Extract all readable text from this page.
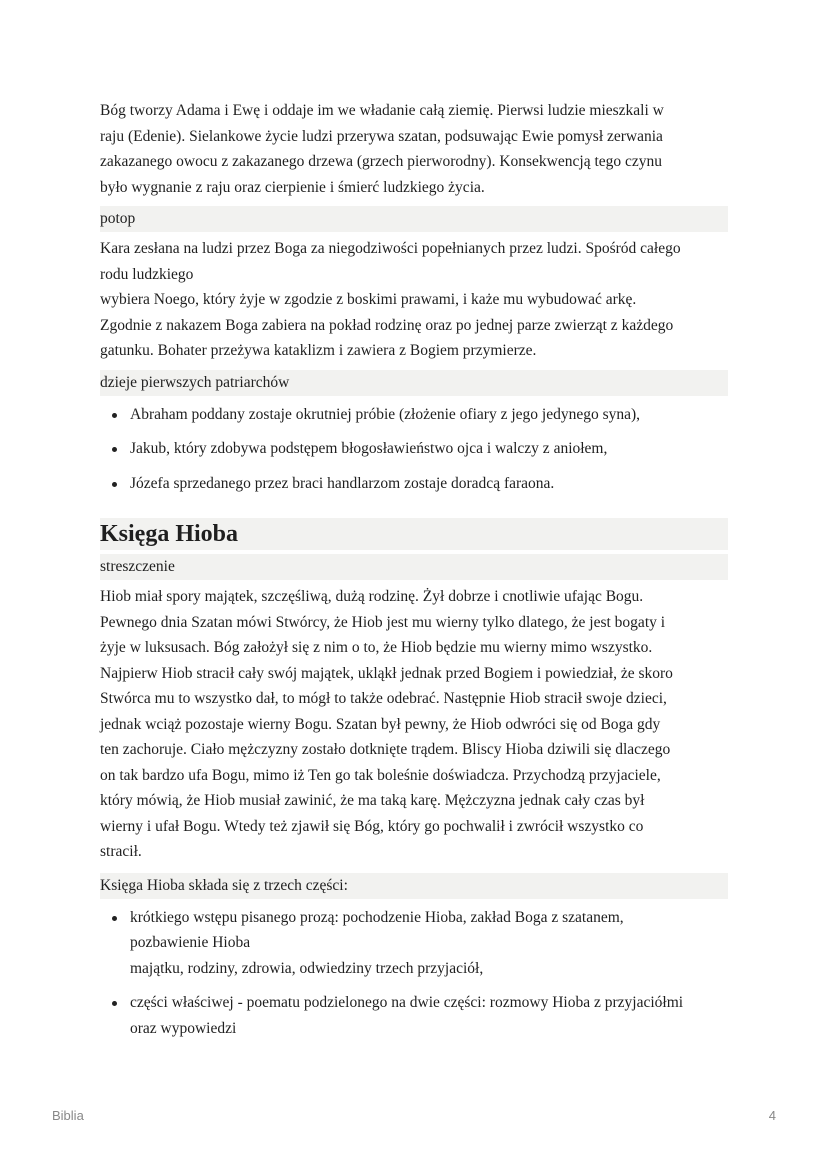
Bóg tworzy Adama i Ewę i oddaje im we władanie całą ziemię. Pierwsi ludzie mieszkali w
raju (Edenie). Sielankowe życie ludzi przerywa szatan, podsuwając Ewie pomysł zerwania
zakazanego owocu z zakazanego drzewa (grzech pierworodny). Konsekwencją tego czynu
było wygnanie z raju oraz cierpienie i śmierć ludzkiego życia.

potop

Kara zesłana na ludzi przez Boga za niegodziwości popełnianych przez ludzi. Spośród całego
rodu ludzkiego
wybiera Noego, który żyje w zgodzie z boskimi prawami, i każe mu wybudować arkę.
Zgodnie z nakazem Boga zabiera na pokład rodzinę oraz po jednej parze zwierząt z każdego
gatunku. Bohater przeżywa kataklizm i zawiera z Bogiem przymierze.

dzieje pierwszych patriarchów
Abraham poddany zostaje okrutniej próbie (złożenie ofiary z jego jedynego syna),
Jakub, który zdobywa podstępem błogosławieństwo ojca i walczy z aniołem,
Józefa sprzedanego przez braci handlarzom zostaje doradcą faraona.
Księga Hioba
streszczenie

Hiob miał spory majątek, szczęśliwą, dużą rodzinę. Żył dobrze i cnotliwie ufając Bogu.
Pewnego dnia Szatan mówi Stwórcy, że Hiob jest mu wierny tylko dlatego, że jest bogaty i
żyje w luksusach. Bóg założył się z nim o to, że Hiob będzie mu wierny mimo wszystko.
Najpierw Hiob stracił cały swój majątek, ukląkł jednak przed Bogiem i powiedział, że skoro
Stwórca mu to wszystko dał, to mógł to także odebrać. Następnie Hiob stracił swoje dzieci,
jednak wciąż pozostaje wierny Bogu. Szatan był pewny, że Hiob odwróci się od Boga gdy
ten zachoruje. Ciało mężczyzny zostało dotknięte trądem. Bliscy Hioba dziwili się dlaczego
on tak bardzo ufa Bogu, mimo iż Ten go tak boleśnie doświadcza. Przychodzą przyjaciele,
który mówią, że Hiob musiał zawinić, że ma taką karę. Mężczyzna jednak cały czas był
wierny i ufał Bogu. Wtedy też zjawił się Bóg, który go pochwalił i zwrócił wszystko co
stracił.

Księga Hioba składa się z trzech części:
krótkiego wstępu pisanego prozą: pochodzenie Hioba, zakład Boga z szatanem,
pozbawienie Hioba
majątku, rodziny, zdrowia, odwiedziny trzech przyjaciół,
części właściwej - poematu podzielonego na dwie części: rozmowy Hioba z przyjaciółmi
oraz wypowiedzi
Biblia	4
